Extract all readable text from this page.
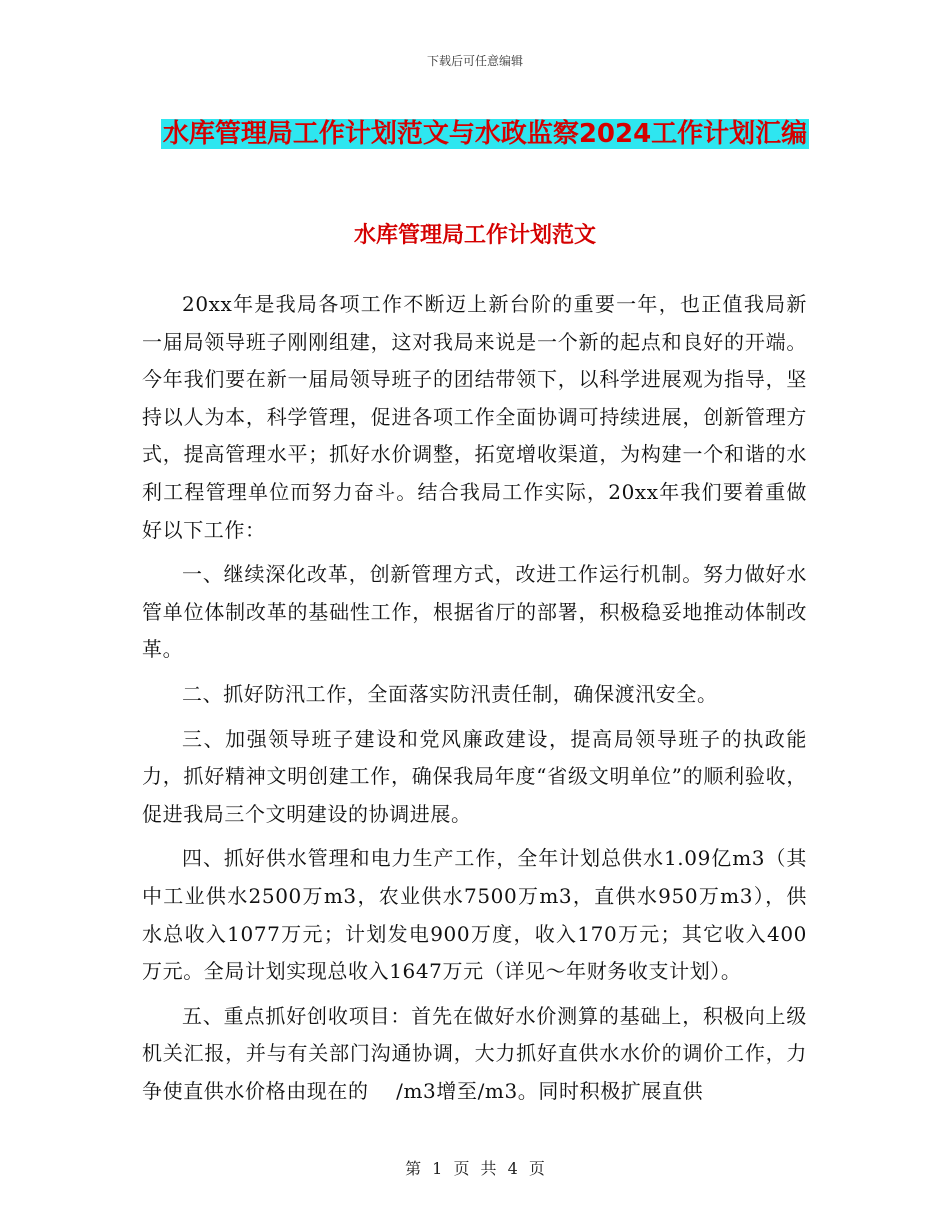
下载后可任意编辑
水库管理局工作计划范文与水政监察2024工作计划汇编
水库管理局工作计划范文

20xx年是我局各项工作不断迈上新台阶的重要一年，也正值我局新一届局领导班子刚刚组建，这对我局来说是一个新的起点和良好的开端。今年我们要在新一届局领导班子的团结带领下，以科学进展观为指导，坚持以人为本，科学管理，促进各项工作全面协调可持续进展，创新管理方式，提高管理水平；抓好水价调整，拓宽增收渠道，为构建一个和谐的水利工程管理单位而努力奋斗。结合我局工作实际，20xx年我们要着重做好以下工作：

一、继续深化改革，创新管理方式，改进工作运行机制。努力做好水管单位体制改革的基础性工作，根据省厅的部署，积极稳妥地推动体制改革。

二、抓好防汛工作，全面落实防汛责任制，确保渡汛安全。

三、加强领导班子建设和党风廉政建设，提高局领导班子的执政能力，抓好精神文明创建工作，确保我局年度“省级文明单位”的顺利验收，促进我局三个文明建设的协调进展。

四、抓好供水管理和电力生产工作，全年计划总供水1.09亿m3（其中工业供水2500万m3，农业供水7500万m3，直供水950万m3），供水总收入1077万元；计划发电900万度，收入170万元；其它收入400万元。全局计划实现总收入1647万元（详见～年财务收支计划）。

五、重点抓好创收项目：首先在做好水价测算的基础上，积极向上级机关汇报，并与有关部门沟通协调，大力抓好直供水水价的调价工作，力争使直供水价格由现在的　 /m3增至/m3。同时积极扩展直供

第 1 页 共 4 页
